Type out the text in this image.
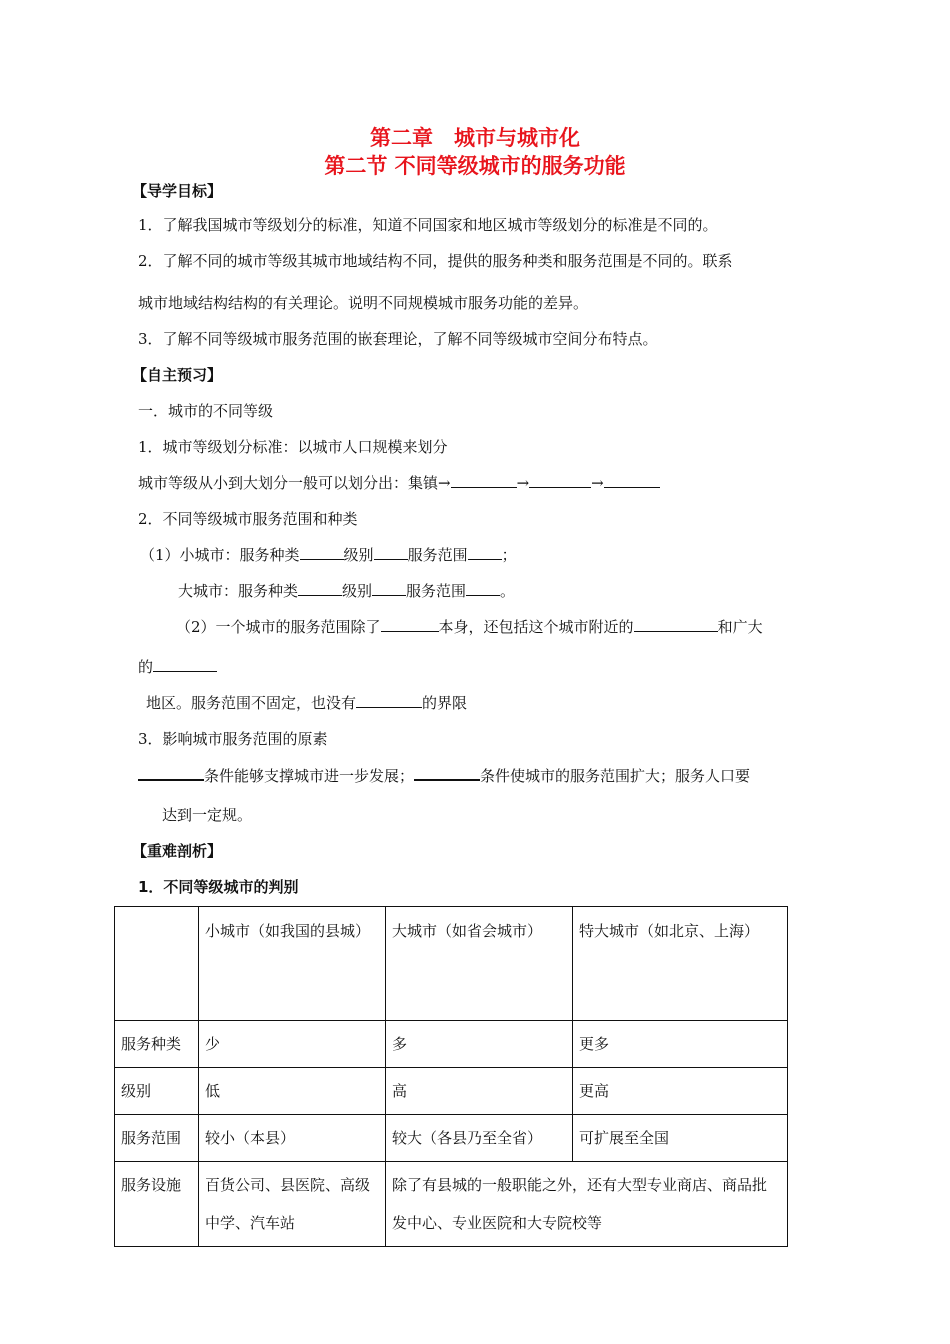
第二章　城市与城市化
第二节 不同等级城市的服务功能
【导学目标】
1．了解我国城市等级划分的标准，知道不同国家和地区城市等级划分的标准是不同的。
2．了解不同的城市等级其城市地域结构不同，提供的服务种类和服务范围是不同的。联系
城市地域结构结构的有关理论。说明不同规模城市服务功能的差异。
3．了解不同等级城市服务范围的嵌套理论，了解不同等级城市空间分布特点。
【自主预习】
一．城市的不同等级
1．城市等级划分标准：以城市人口规模来划分
城市等级从小到大划分一般可以划分出：集镇→	→	→
2．不同等级城市服务范围和种类
（1）小城市：服务种类	级别 服务范围 ；
大城市：服务种类	级别 服务范围 。
（2）一个城市的服务范围除了	本身，还包括这个城市附近的	和广大
的
地区。服务范围不固定，也没有	的界限
3．影响城市服务范围的原素
条件能够支撑城市进一步发展；	条件使城市的服务范围扩大；服务人口要
达到一定规。
【重难剖析】
1．不同等级城市的判别
	小城市（如我国的县城）	大城市（如省会城市）	特大城市（如北京、上海）
服务种类	少	多	更多
级别	低	高	更高
服务范围	较小（本县）	较大（各县乃至全省）	可扩展至全国
服务设施	百货公司、县医院、高级中学、汽车站	除了有县城的一般职能之外，还有大型专业商店、商品批发中心、专业医院和大专院校等	
